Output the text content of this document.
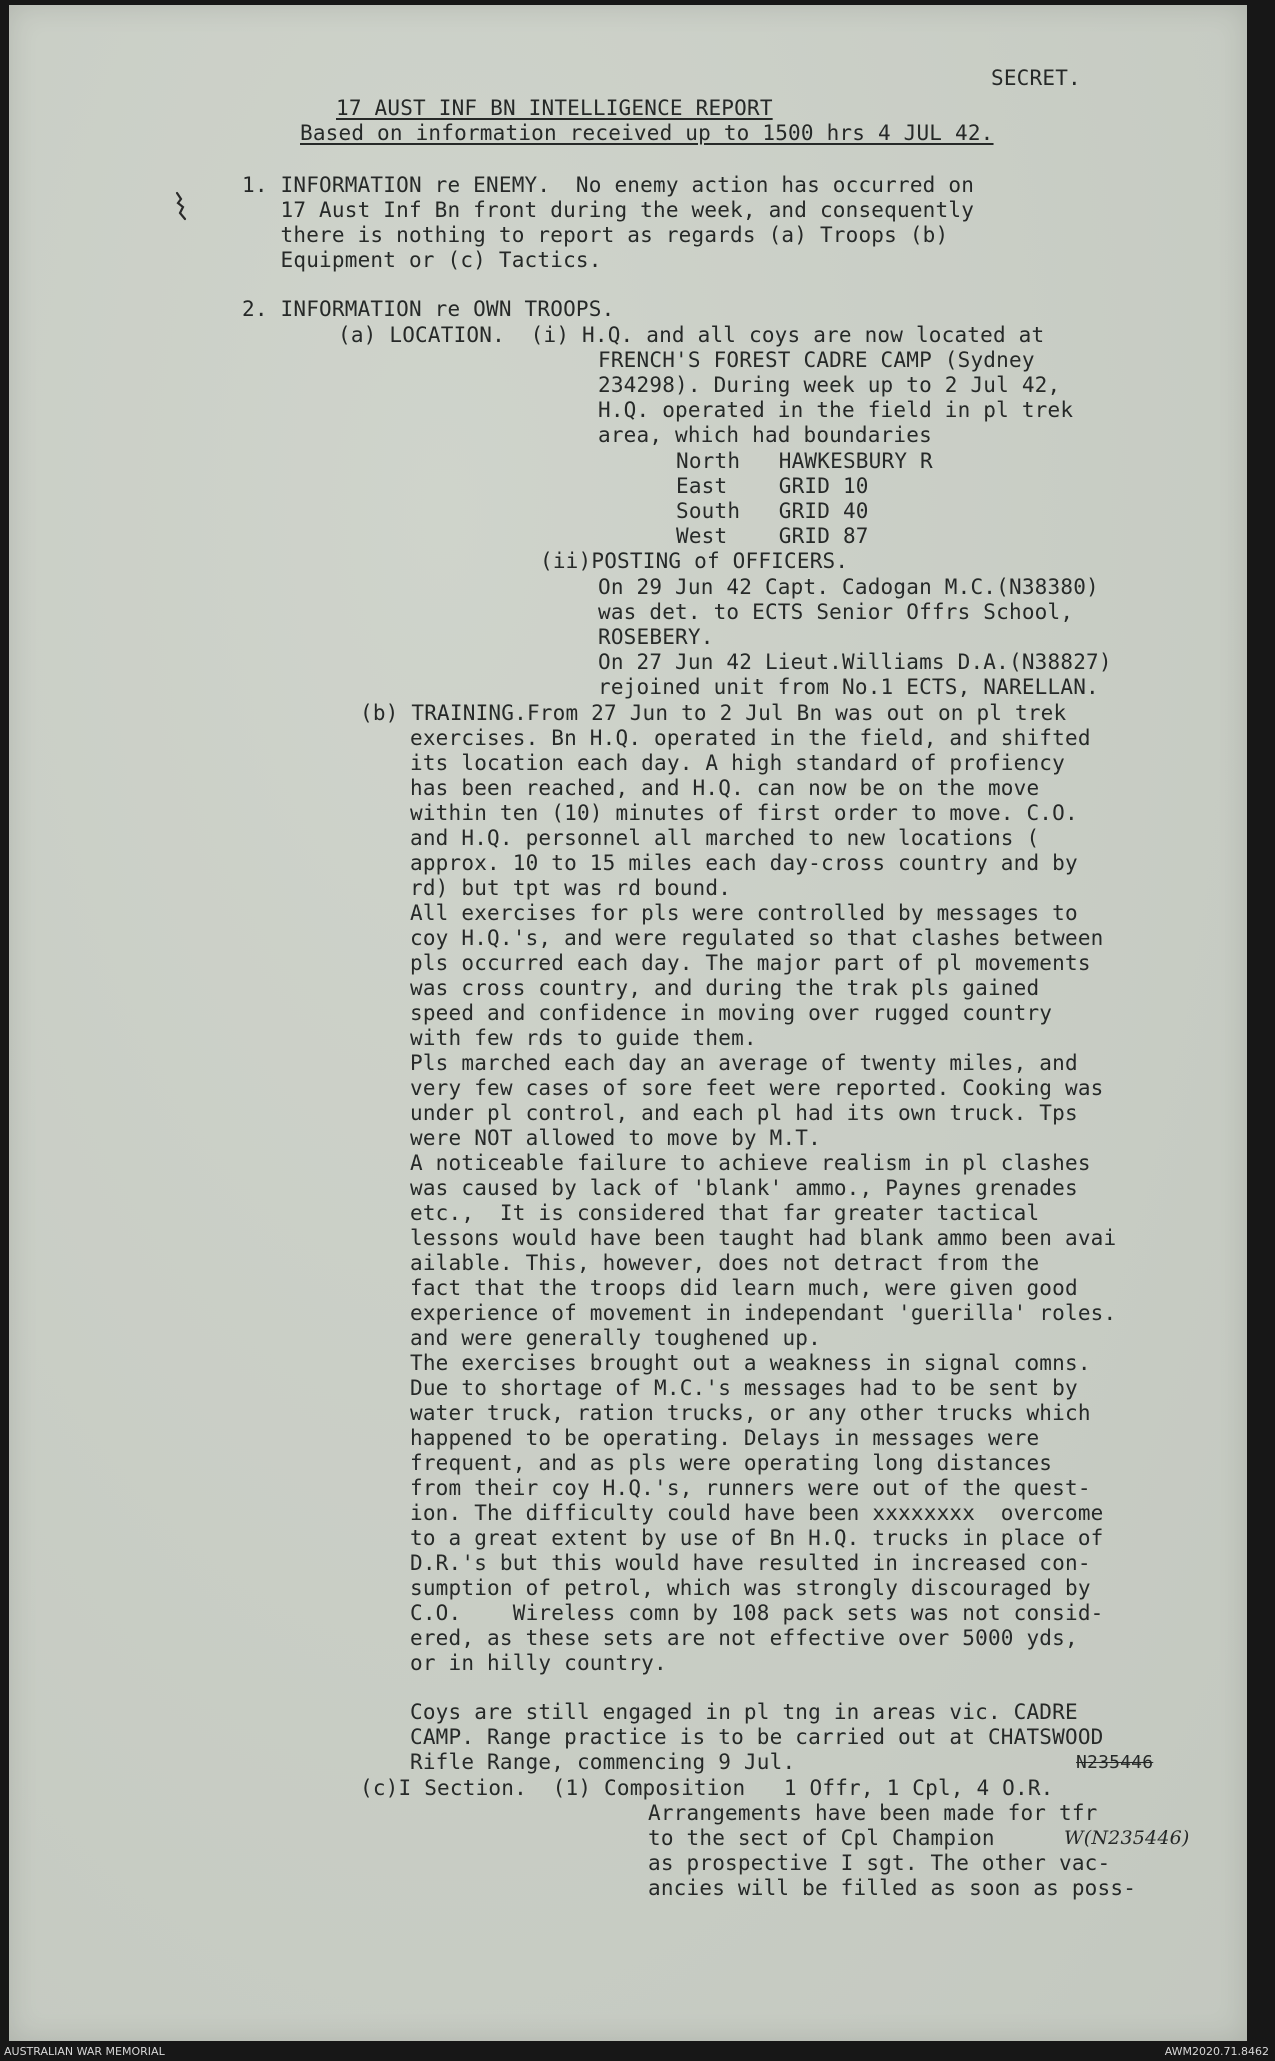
SECRET.
17 AUST INF BN INTELLIGENCE REPORT
Based on information received up to 1500 hrs 4 JUL 42.
1. INFORMATION re ENEMY.  No enemy action has occurred on
17 Aust Inf Bn front during the week, and consequently
there is nothing to report as regards (a) Troops (b)
Equipment or (c) Tactics.
2. INFORMATION re OWN TROOPS.
(a) LOCATION.  (i) H.Q. and all coys are now located at
FRENCH'S FOREST CADRE CAMP (Sydney
234298). During week up to 2 Jul 42,
H.Q. operated in the field in pl trek
area, which had boundaries
North   HAWKESBURY R
East    GRID 10
South   GRID 40
West    GRID 87
(ii)POSTING of OFFICERS.
On 29 Jun 42 Capt. Cadogan M.C.(N38380)
was det. to ECTS Senior Offrs School,
ROSEBERY.
On 27 Jun 42 Lieut.Williams D.A.(N38827)
rejoined unit from No.1 ECTS, NARELLAN.
(b) TRAINING.From 27 Jun to 2 Jul Bn was out on pl trek
exercises. Bn H.Q. operated in the field, and shifted
its location each day. A high standard of profiency
has been reached, and H.Q. can now be on the move
within ten (10) minutes of first order to move. C.O.
and H.Q. personnel all marched to new locations (
approx. 10 to 15 miles each day-cross country and by
rd) but tpt was rd bound.
All exercises for pls were controlled by messages to
coy H.Q.'s, and were regulated so that clashes between
pls occurred each day. The major part of pl movements
was cross country, and during the trak pls gained
speed and confidence in moving over rugged country
with few rds to guide them.
Pls marched each day an average of twenty miles, and
very few cases of sore feet were reported. Cooking was
under pl control, and each pl had its own truck. Tps
were NOT allowed to move by M.T.
A noticeable failure to achieve realism in pl clashes
was caused by lack of 'blank' ammo., Paynes grenades
etc.,  It is considered that far greater tactical
lessons would have been taught had blank ammo been avai
ailable. This, however, does not detract from the
fact that the troops did learn much, were given good
experience of movement in independant 'guerilla' roles.
and were generally toughened up.
The exercises brought out a weakness in signal comns.
Due to shortage of M.C.'s messages had to be sent by
water truck, ration trucks, or any other trucks which
happened to be operating. Delays in messages were
frequent, and as pls were operating long distances
from their coy H.Q.'s, runners were out of the quest-
ion. The difficulty could have been xxxxxxxx  overcome
to a great extent by use of Bn H.Q. trucks in place of
D.R.'s but this would have resulted in increased con-
sumption of petrol, which was strongly discouraged by
C.O.    Wireless comn by 108 pack sets was not consid-
ered, as these sets are not effective over 5000 yds,
or in hilly country.
Coys are still engaged in pl tng in areas vic. CADRE
CAMP. Range practice is to be carried out at CHATSWOOD
Rifle Range, commencing 9 Jul.	N235446
(c)I Section.  (1) Composition   1 Offr, 1 Cpl, 4 O.R.
Arrangements have been made for tfr
to the sect of Cpl Champion	W(N235446)
as prospective I sgt. The other vac-
ancies will be filled as soon as poss-
AUSTRALIAN WAR MEMORIAL	AWM2020.71.8462
